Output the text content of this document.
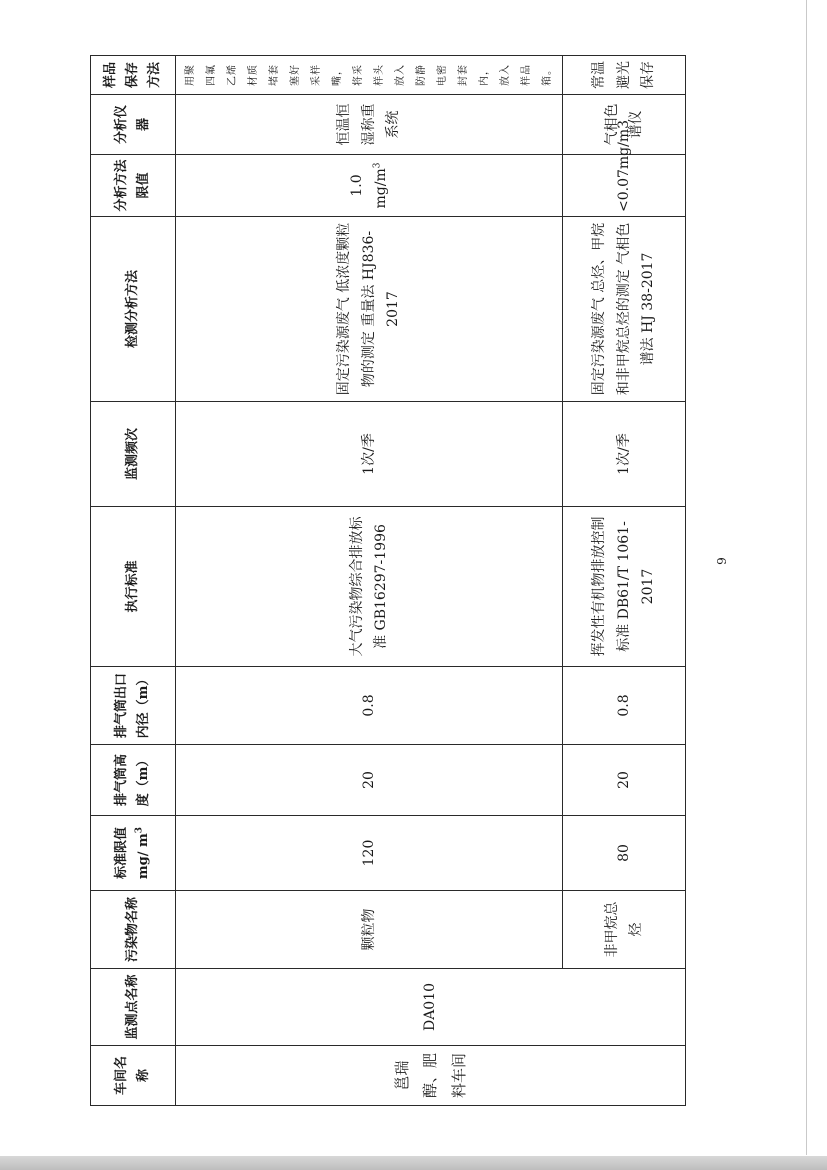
车间名称	监测点名称	污染物名称	标准限值 mg/ $m^3$	排气筒高度（m）	排气筒出口内径（m）	执行标准	监测频次	检测分析方法	分析方法限值	分析仪器	样品保存方法
邕瑞醇、肥料车间	DA010	颗粒物	120	20	0.8	大气污染物综合排放标准 GB16297-1996	1次/季	固定污染源废气 低浓度颗粒物的测定 重量法 HJ836-2017	1.0 $mg/m^3$	恒温恒湿称重系统	用聚四氟乙烯材质堵套塞好采样嘴，将采样头放入防静电密封套内，放入样品箱。
		非甲烷总烃	80	20	0.8	挥发性有机物排放控制标准 DB61/T 1061-2017	1次/季	固定污染源废气 总烃、甲烷和非甲烷总烃的测定 气相色谱法 HJ 38-2017	<0.07mg/m3	气相色谱仪	常温避光保存
9
